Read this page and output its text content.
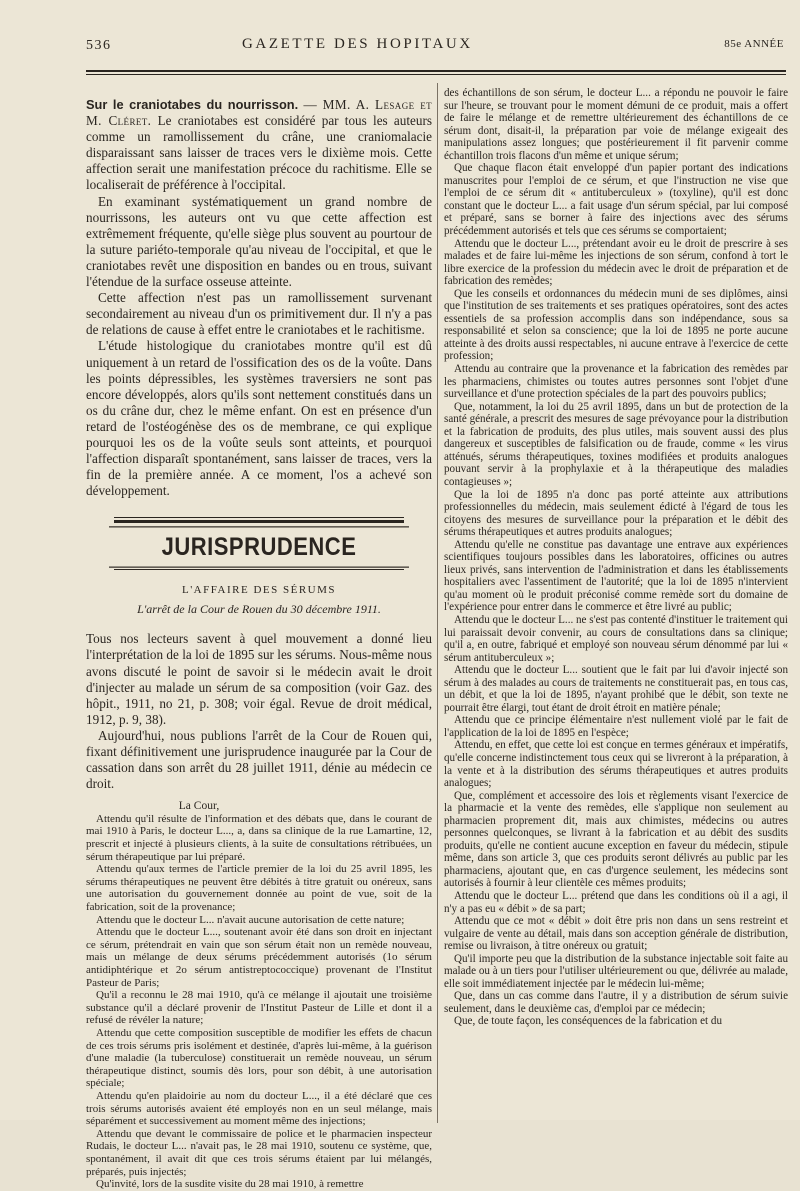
536	GAZETTE DES HOPITAUX	85e ANNÉE

Sur le craniotabes du nourrisson. — MM. A. Lesage et M. Cléret. Le craniotabes est considéré par tous les auteurs comme un ramollissement du crâne, une craniomalacie disparaissant sans laisser de traces vers le dixième mois. Cette affection serait une manifestation précoce du rachitisme. Elle se localiserait de préférence à l'occipital.

En examinant systématiquement un grand nombre de nourrissons, les auteurs ont vu que cette affection est extrêmement fréquente, qu'elle siège plus souvent au pourtour de la suture pariéto-temporale qu'au niveau de l'occipital, et que le craniotabes revêt une disposition en bandes ou en trous, suivant l'étendue de la surface osseuse atteinte.

Cette affection n'est pas un ramollissement survenant secondairement au niveau d'un os primitivement dur. Il n'y a pas de relations de cause à effet entre le craniotabes et le rachitisme.

L'étude histologique du craniotabes montre qu'il est dû uniquement à un retard de l'ossification des os de la voûte. Dans les points dépressibles, les systèmes traversiers ne sont pas encore développés, alors qu'ils sont nettement constitués dans un os du crâne dur, chez le même enfant. On est en présence d'un retard de l'ostéogénèse des os de membrane, ce qui explique pourquoi les os de la voûte seuls sont atteints, et pourquoi l'affection disparaît spontanément, sans laisser de traces, vers la fin de la première année. A ce moment, l'os a achevé son développement.

JURISPRUDENCE
L'AFFAIRE DES SÉRUMS
L'arrêt de la Cour de Rouen du 30 décembre 1911.

Tous nos lecteurs savent à quel mouvement a donné lieu l'interprétation de la loi de 1895 sur les sérums. Nous-même nous avons discuté le point de savoir si le médecin avait le droit d'injecter au malade un sérum de sa composition (voir Gaz. des hôpit., 1911, no 21, p. 308; voir égal. Revue de droit médical, 1912, p. 9, 38).

Aujourd'hui, nous publions l'arrêt de la Cour de Rouen qui, fixant définitivement une jurisprudence inaugurée par la Cour de cassation dans son arrêt du 28 juillet 1911, dénie au médecin ce droit.

La Cour,

Attendu qu'il résulte de l'information et des débats que, dans le courant de mai 1910 à Paris, le docteur L..., a, dans sa clinique de la rue Lamartine, 12, prescrit et injecté à plusieurs clients, à la suite de consultations rétribuées, un sérum thérapeutique par lui préparé.

Attendu qu'aux termes de l'article premier de la loi du 25 avril 1895, les sérums thérapeutiques ne peuvent être débités à titre gratuit ou onéreux, sans une autorisation du gouvernement donnée au point de vue, soit de la fabrication, soit de la provenance;

Attendu que le docteur L... n'avait aucune autorisation de cette nature;

Attendu que le docteur L..., soutenant avoir été dans son droit en injectant ce sérum, prétendrait en vain que son sérum était non un remède nouveau, mais un mélange de deux sérums précédemment autorisés (1o sérum antidiphtérique et 2o sérum antistreptococcique) provenant de l'Institut Pasteur de Paris;

Qu'il a reconnu le 28 mai 1910, qu'à ce mélange il ajoutait une troisième substance qu'il a déclaré provenir de l'Institut Pasteur de Lille et dont il a refusé de révéler la nature;

Attendu que cette composition susceptible de modifier les effets de chacun de ces trois sérums pris isolément et destinée, d'après lui-même, à la guérison d'une maladie (la tuberculose) constituerait un remède nouveau, un sérum thérapeutique distinct, soumis dès lors, pour son débit, à une autorisation spéciale;

Attendu qu'en plaidoirie au nom du docteur L..., il a été déclaré que ces trois sérums autorisés avaient été employés non en un seul mélange, mais séparément et successivement au moment même des injections;

Attendu que devant le commissaire de police et le pharmacien inspecteur Rudais, le docteur L... n'avait pas, le 28 mai 1910, soutenu ce système, que, spontanément, il avait dit que ces trois sérums étaient par lui mélangés, préparés, puis injectés;

Qu'invité, lors de la susdite visite du 28 mai 1910, à remettre

des échantillons de son sérum, le docteur L... a répondu ne pouvoir le faire sur l'heure, se trouvant pour le moment démuni de ce produit, mais a offert de faire le mélange et de remettre ultérieurement des échantillons de ce sérum dont, disait-il, la préparation par voie de mélange exigeait des manipulations assez longues; que postérieurement il fit parvenir comme échantillon trois flacons d'un même et unique sérum;

Que chaque flacon était enveloppé d'un papier portant des indications manuscrites pour l'emploi de ce sérum, et que l'instruction ne vise que l'emploi de ce sérum dit « antituberculeux » (toxyline), qu'il est donc constant que le docteur L... a fait usage d'un sérum spécial, par lui composé et préparé, sans se borner à faire des injections avec des sérums précédemment autorisés et tels que ces sérums se comportaient;

Attendu que le docteur L..., prétendant avoir eu le droit de prescrire à ses malades et de faire lui-même les injections de son sérum, confond à tort le libre exercice de la profession du médecin avec le droit de préparation et de fabrication des remèdes;

Que les conseils et ordonnances du médecin muni de ses diplômes, ainsi que l'institution de ses traitements et ses pratiques opératoires, sont des actes essentiels de sa profession accomplis dans son indépendance, sous sa responsabilité et selon sa conscience; que la loi de 1895 ne porte aucune atteinte à des droits aussi respectables, ni aucune entrave à l'exercice de cette profession;

Attendu au contraire que la provenance et la fabrication des remèdes par les pharmaciens, chimistes ou toutes autres personnes sont l'objet d'une surveillance et d'une protection spéciales de la part des pouvoirs publics;

Que, notamment, la loi du 25 avril 1895, dans un but de protection de la santé générale, a prescrit des mesures de sage prévoyance pour la distribution et la fabrication de produits, des plus utiles, mais souvent aussi des plus dangereux et susceptibles de falsification ou de fraude, comme « les virus atténués, sérums thérapeutiques, toxines modifiées et produits analogues pouvant servir à la prophylaxie et à la thérapeutique des maladies contagieuses »;

Que la loi de 1895 n'a donc pas porté atteinte aux attributions professionnelles du médecin, mais seulement édicté à l'égard de tous les citoyens des mesures de surveillance pour la préparation et le débit des sérums thérapeutiques et autres produits analogues;

Attendu qu'elle ne constitue pas davantage une entrave aux expériences scientifiques toujours possibles dans les laboratoires, officines ou autres lieux privés, sans intervention de l'administration et dans les établissements hospitaliers avec l'assentiment de l'autorité; que la loi de 1895 n'intervient qu'au moment où le produit préconisé comme remède sort du domaine de l'expérience pour entrer dans le commerce et être livré au public;

Attendu que le docteur L... ne s'est pas contenté d'instituer le traitement qui lui paraissait devoir convenir, au cours de consultations dans sa clinique; qu'il a, en outre, fabriqué et employé son nouveau sérum dénommé par lui « sérum antituberculeux »;

Attendu que le docteur L... soutient que le fait par lui d'avoir injecté son sérum à des malades au cours de traitements ne constituerait pas, en tous cas, un débit, et que la loi de 1895, n'ayant prohibé que le débit, son texte ne pourrait être élargi, tout étant de droit étroit en matière pénale;

Attendu que ce principe élémentaire n'est nullement violé par le fait de l'application de la loi de 1895 en l'espèce;

Attendu, en effet, que cette loi est conçue en termes généraux et impératifs, qu'elle concerne indistinctement tous ceux qui se livreront à la préparation, à la vente et à la distribution des sérums thérapeutiques et autres produits analogues;

Que, complément et accessoire des lois et règlements visant l'exercice de la pharmacie et la vente des remèdes, elle s'applique non seulement au pharmacien proprement dit, mais aux chimistes, médecins ou autres personnes quelconques, se livrant à la fabrication et au débit des susdits produits, qu'elle ne contient aucune exception en faveur du médecin, stipule même, dans son article 3, que ces produits seront délivrés au public par les pharmaciens, ajoutant que, en cas d'urgence seulement, les médecins sont autorisés à fournir à leur clientèle ces mêmes produits;

Attendu que le docteur L... prétend que dans les conditions où il a agi, il n'y a pas eu « débit » de sa part;

Attendu que ce mot « débit » doit être pris non dans un sens restreint et vulgaire de vente au détail, mais dans son acception générale de distribution, remise ou livraison, à titre onéreux ou gratuit;

Qu'il importe peu que la distribution de la substance injectable soit faite au malade ou à un tiers pour l'utiliser ultérieurement ou que, délivrée au malade, elle soit immédiatement injectée par le médecin lui-même;

Que, dans un cas comme dans l'autre, il y a distribution de sérum suivie seulement, dans le deuxième cas, d'emploi par ce médecin;

Que, de toute façon, les conséquences de la fabrication et du
